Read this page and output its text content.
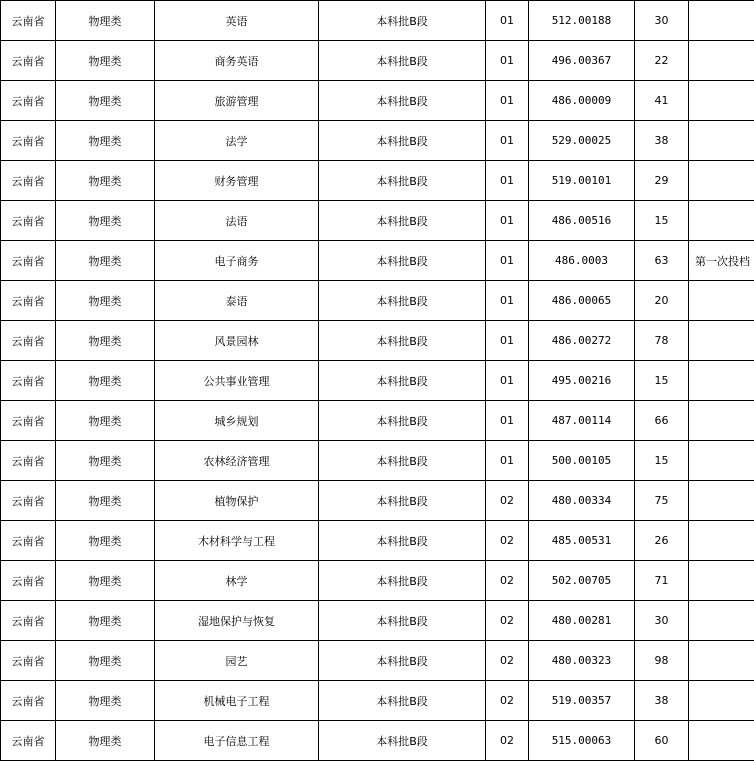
云南省	物理类	英语	本科批B段	01	512.00188	30	
云南省	物理类	商务英语	本科批B段	01	496.00367	22	
云南省	物理类	旅游管理	本科批B段	01	486.00009	41	
云南省	物理类	法学	本科批B段	01	529.00025	38	
云南省	物理类	财务管理	本科批B段	01	519.00101	29	
云南省	物理类	法语	本科批B段	01	486.00516	15	
云南省	物理类	电子商务	本科批B段	01	486.0003	63	第一次投档
云南省	物理类	泰语	本科批B段	01	486.00065	20	
云南省	物理类	风景园林	本科批B段	01	486.00272	78	
云南省	物理类	公共事业管理	本科批B段	01	495.00216	15	
云南省	物理类	城乡规划	本科批B段	01	487.00114	66	
云南省	物理类	农林经济管理	本科批B段	01	500.00105	15	
云南省	物理类	植物保护	本科批B段	02	480.00334	75	
云南省	物理类	木材科学与工程	本科批B段	02	485.00531	26	
云南省	物理类	林学	本科批B段	02	502.00705	71	
云南省	物理类	湿地保护与恢复	本科批B段	02	480.00281	30	
云南省	物理类	园艺	本科批B段	02	480.00323	98	
云南省	物理类	机械电子工程	本科批B段	02	519.00357	38	
云南省	物理类	电子信息工程	本科批B段	02	515.00063	60	
